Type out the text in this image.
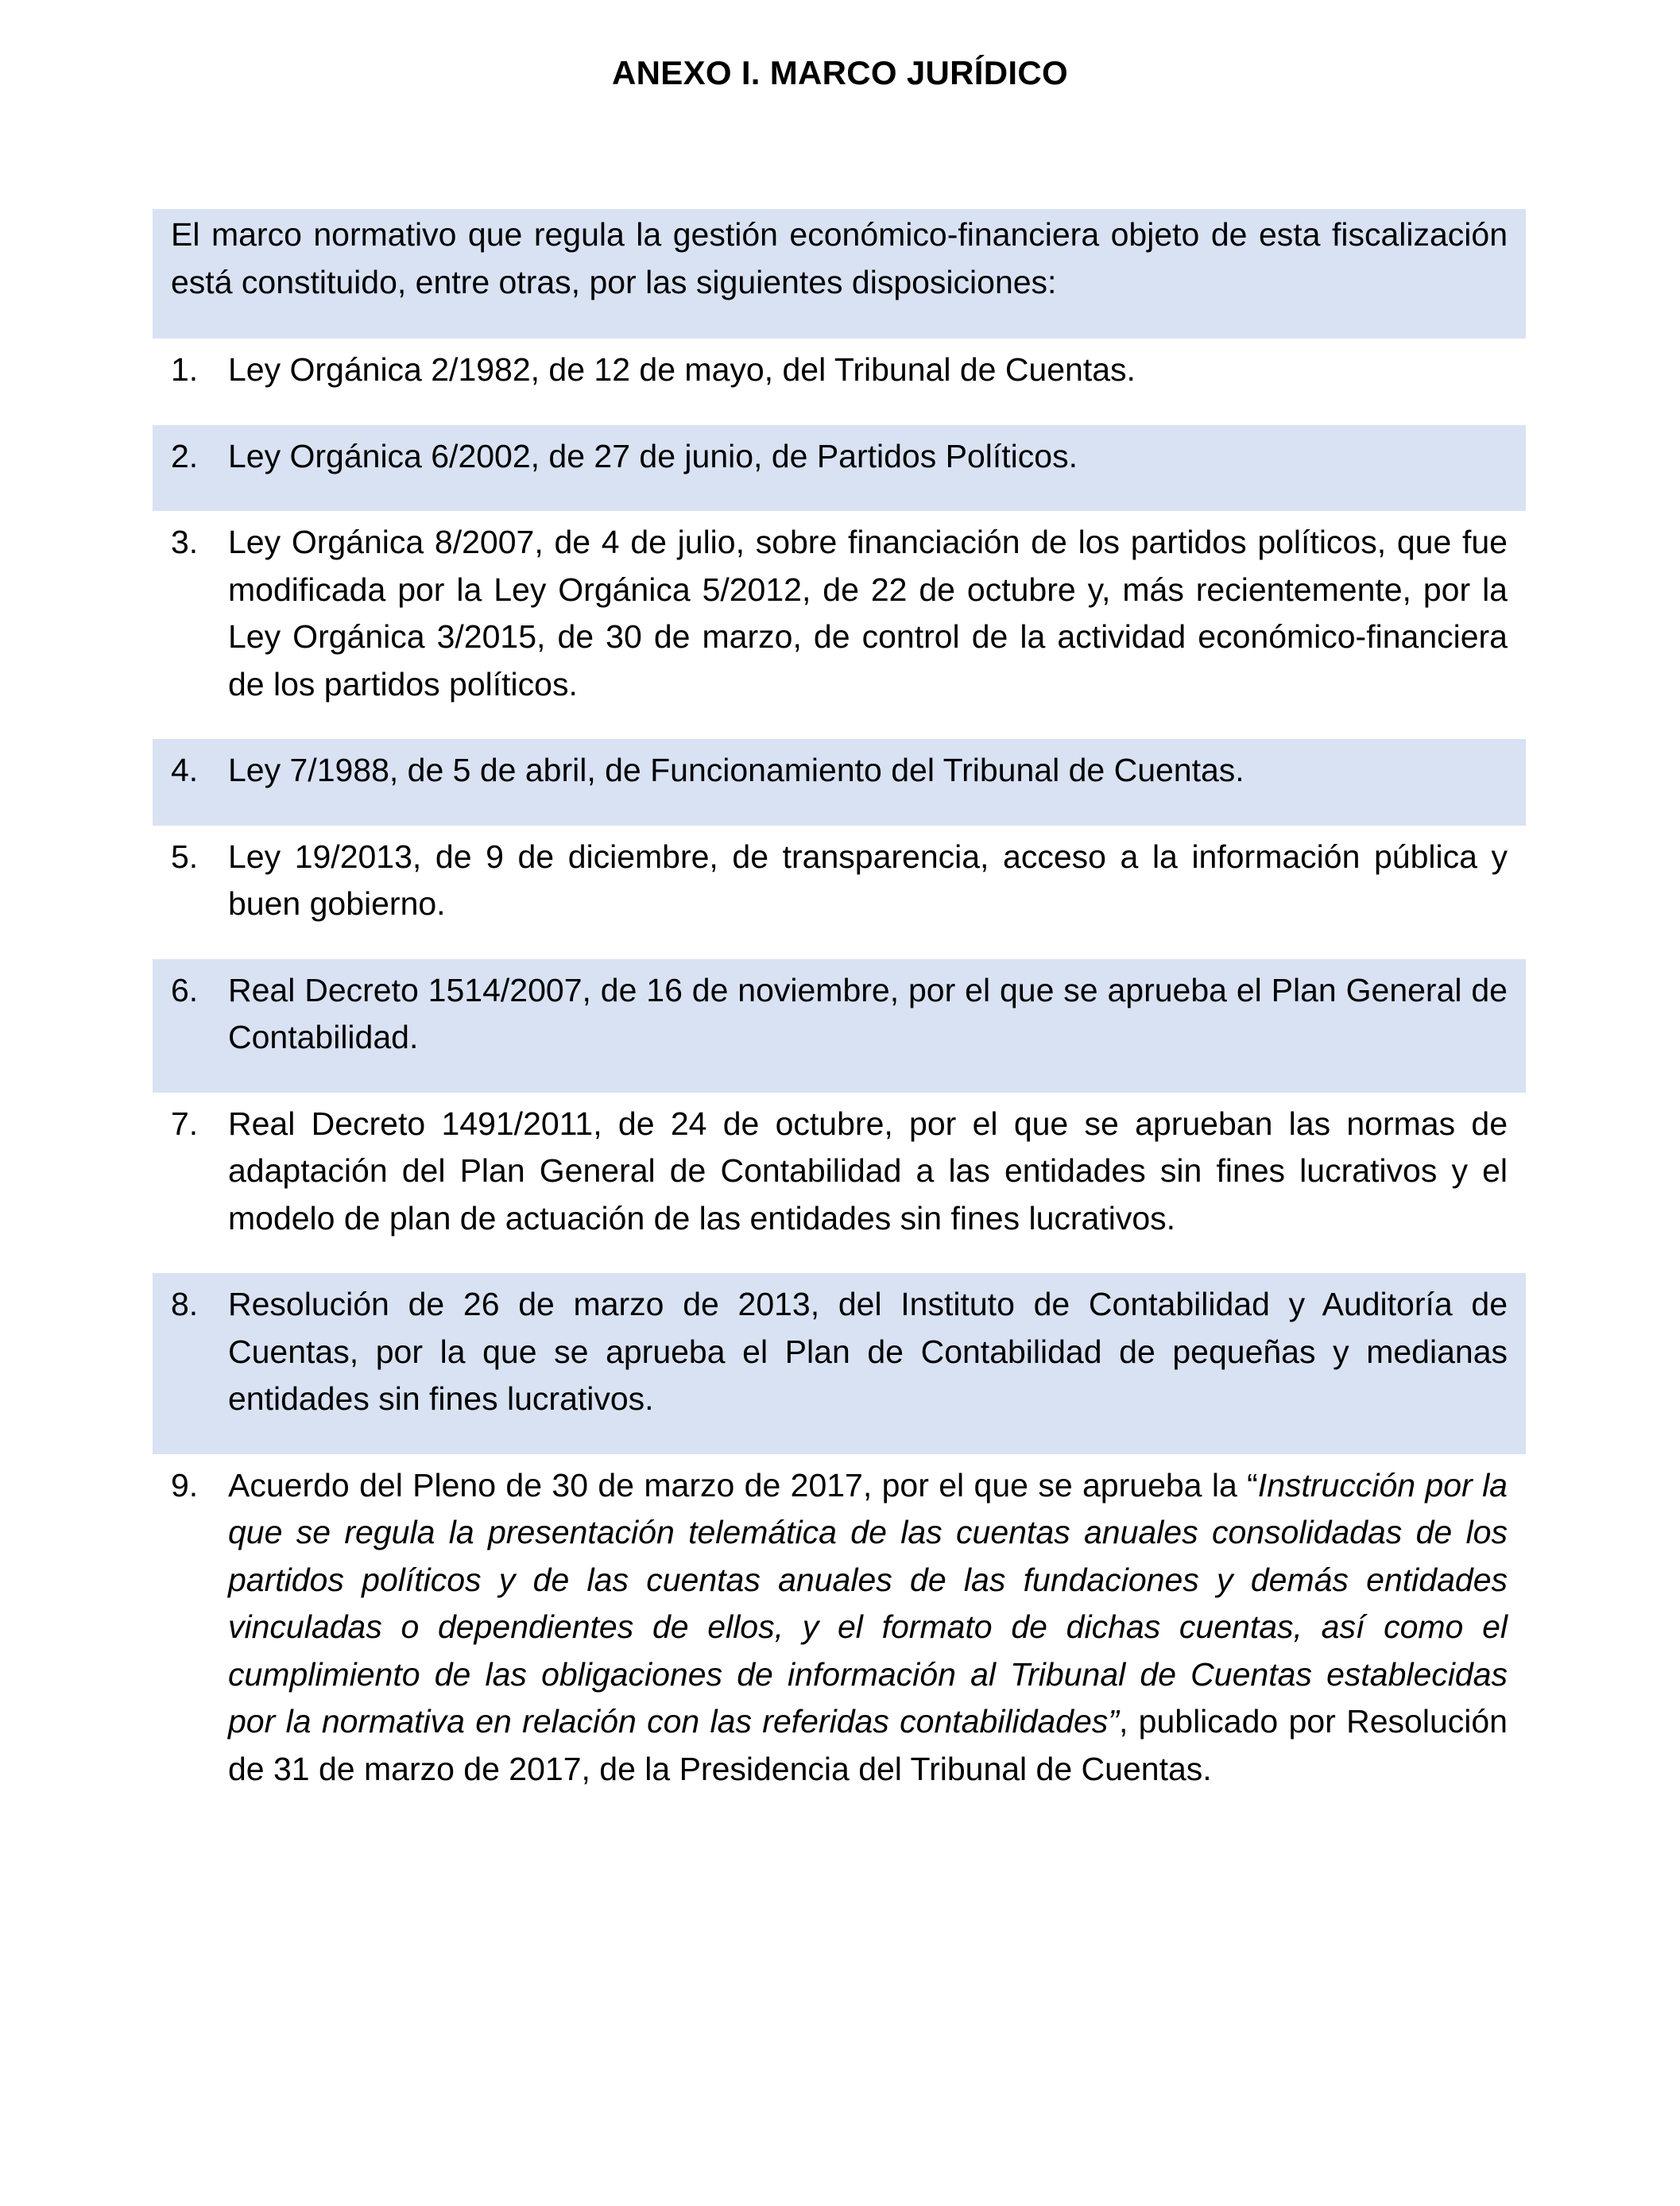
ANEXO I. MARCO JURÍDICO
El marco normativo que regula la gestión económico-financiera objeto de esta fiscalización está constituido, entre otras, por las siguientes disposiciones:
1. Ley Orgánica 2/1982, de 12 de mayo, del Tribunal de Cuentas.
2. Ley Orgánica 6/2002, de 27 de junio, de Partidos Políticos.
3. Ley Orgánica 8/2007, de 4 de julio, sobre financiación de los partidos políticos, que fue modificada por la Ley Orgánica 5/2012, de 22 de octubre y, más recientemente, por la Ley Orgánica 3/2015, de 30 de marzo, de control de la actividad económico-financiera de los partidos políticos.
4. Ley 7/1988, de 5 de abril, de Funcionamiento del Tribunal de Cuentas.
5. Ley 19/2013, de 9 de diciembre, de transparencia, acceso a la información pública y buen gobierno.
6. Real Decreto 1514/2007, de 16 de noviembre, por el que se aprueba el Plan General de Contabilidad.
7. Real Decreto 1491/2011, de 24 de octubre, por el que se aprueban las normas de adaptación del Plan General de Contabilidad a las entidades sin fines lucrativos y el modelo de plan de actuación de las entidades sin fines lucrativos.
8. Resolución de 26 de marzo de 2013, del Instituto de Contabilidad y Auditoría de Cuentas, por la que se aprueba el Plan de Contabilidad de pequeñas y medianas entidades sin fines lucrativos.
9. Acuerdo del Pleno de 30 de marzo de 2017, por el que se aprueba la “Instrucción por la que se regula la presentación telemática de las cuentas anuales consolidadas de los partidos políticos y de las cuentas anuales de las fundaciones y demás entidades vinculadas o dependientes de ellos, y el formato de dichas cuentas, así como el cumplimiento de las obligaciones de información al Tribunal de Cuentas establecidas por la normativa en relación con las referidas contabilidades”, publicado por Resolución de 31 de marzo de 2017, de la Presidencia del Tribunal de Cuentas.
